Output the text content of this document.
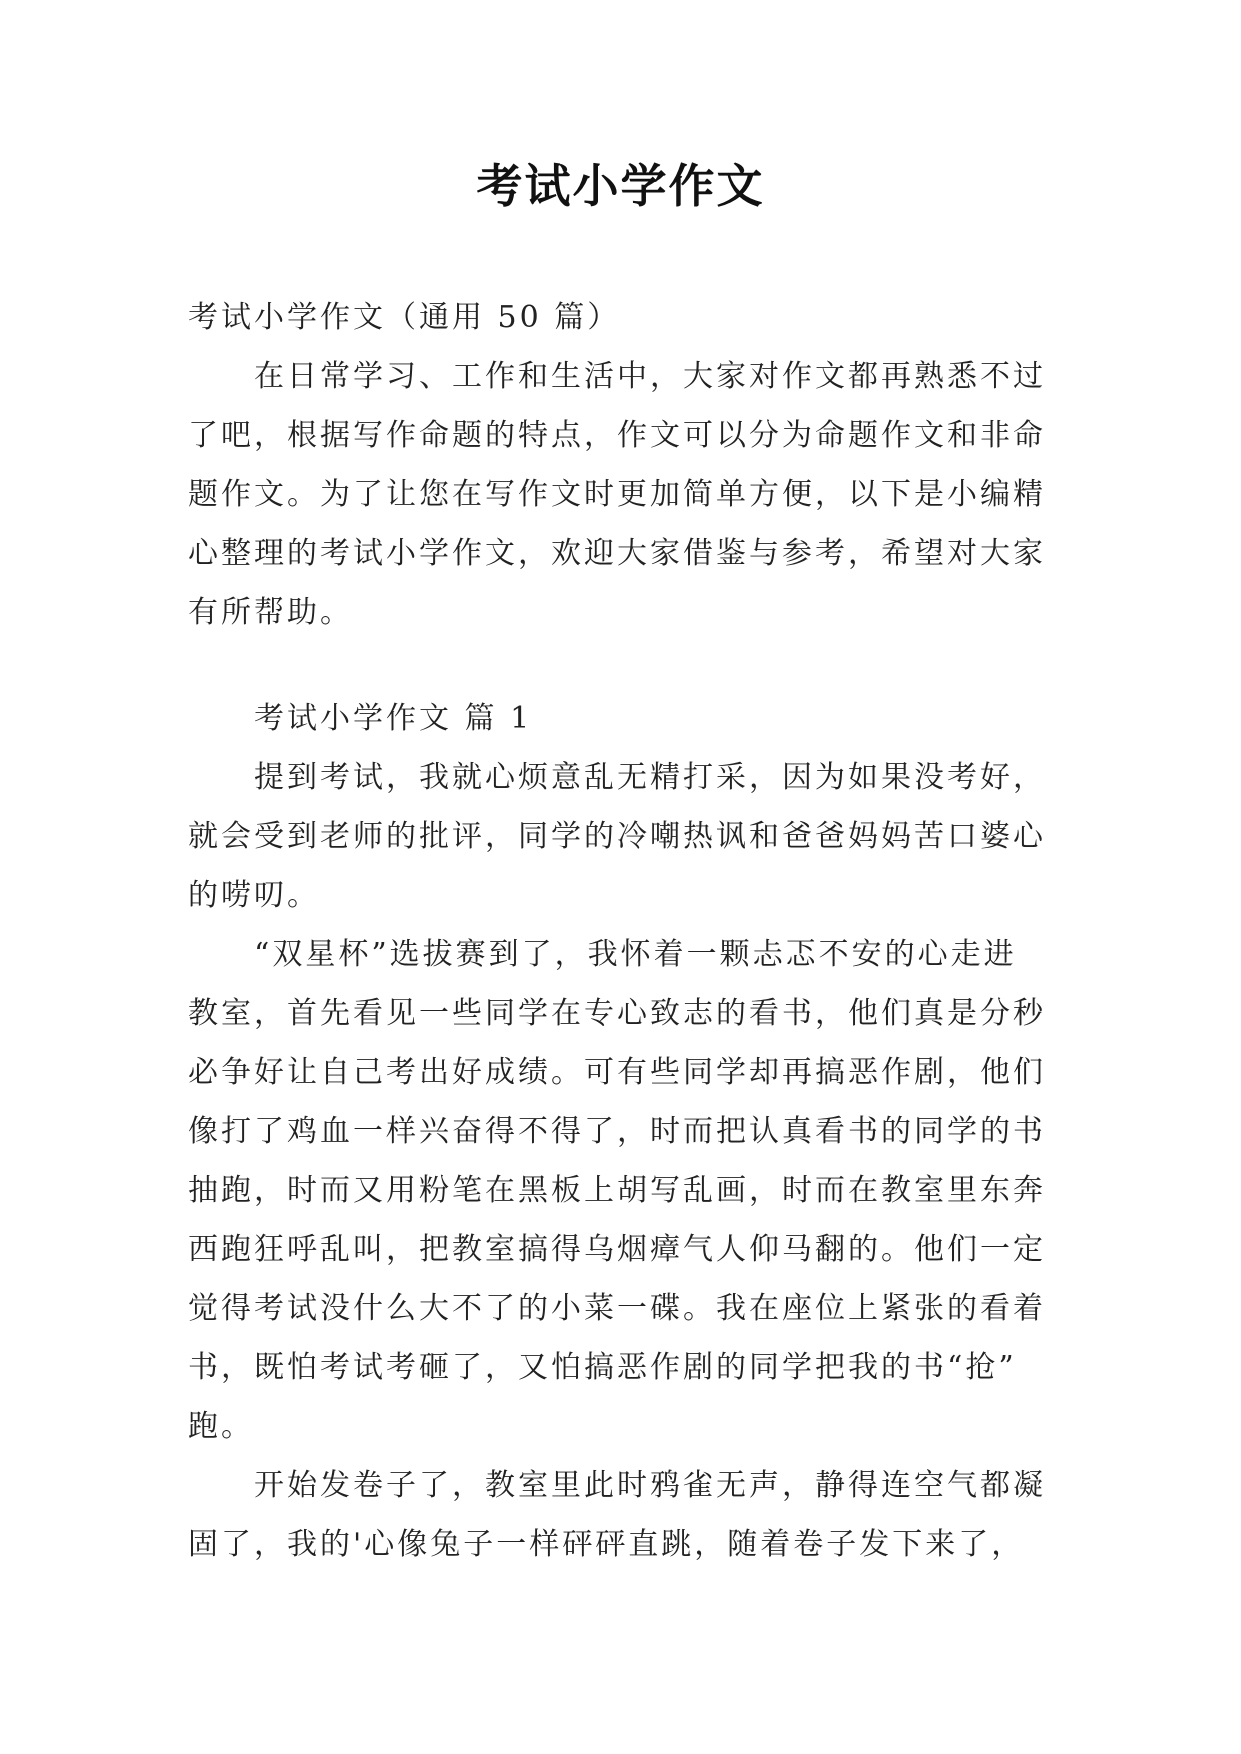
考试小学作文
考试小学作文（通用 50 篇）
在日常学习、工作和生活中，大家对作文都再熟悉不过
了吧，根据写作命题的特点，作文可以分为命题作文和非命
题作文。为了让您在写作文时更加简单方便，以下是小编精
心整理的考试小学作文，欢迎大家借鉴与参考，希望对大家
有所帮助。
考试小学作文 篇 1
提到考试，我就心烦意乱无精打采，因为如果没考好，
就会受到老师的批评，同学的冷嘲热讽和爸爸妈妈苦口婆心
的唠叨。
“双星杯”选拔赛到了，我怀着一颗忐忑不安的心走进
教室，首先看见一些同学在专心致志的看书，他们真是分秒
必争好让自己考出好成绩。可有些同学却再搞恶作剧，他们
像打了鸡血一样兴奋得不得了，时而把认真看书的同学的书
抽跑，时而又用粉笔在黑板上胡写乱画，时而在教室里东奔
西跑狂呼乱叫，把教室搞得乌烟瘴气人仰马翻的。他们一定
觉得考试没什么大不了的小菜一碟。我在座位上紧张的看着
书，既怕考试考砸了，又怕搞恶作剧的同学把我的书“抢”
跑。
开始发卷子了，教室里此时鸦雀无声，静得连空气都凝
固了，我的'心像兔子一样砰砰直跳，随着卷子发下来了，
